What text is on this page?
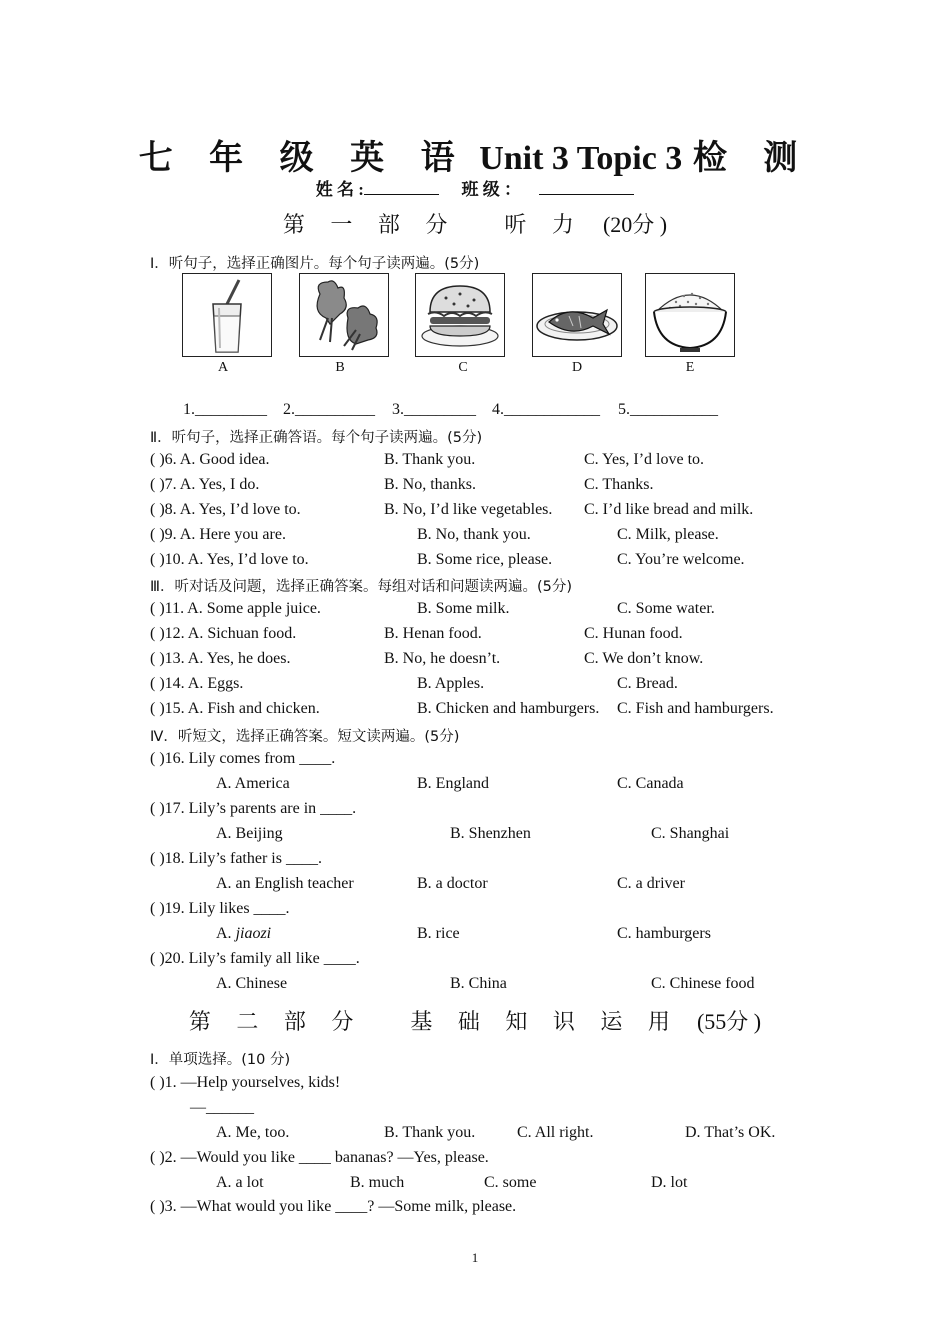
七 年 级 英 语 Unit 3 Topic 3 检 测
姓 名 :	班 级 ：
第 一 部 分 听 力 (20分 )
Ⅰ．听句子，选择正确图片。每个句子读两遍。(5分)
A	B	C	D	E
1._________ 2.__________ 3._________ 4.____________ 5.___________
Ⅱ．听句子，选择正确答语。每个句子读两遍。(5分)
( )6. A. Good idea.	B. Thank you.	C. Yes, I’d love to.
( )7. A. Yes, I do.	B. No, thanks.	C. Thanks.
( )8. A. Yes, I’d love to.	B. No, I’d like vegetables. C. I’d like bread and milk.
( )9. A. Here you are.	B. No, thank you.	C. Milk, please.
( )10. A. Yes, I’d love to.	B. Some rice, please.	C. You’re welcome.
Ⅲ．听对话及问题，选择正确答案。每组对话和问题读两遍。(5分)
( )11. A. Some apple juice.	B. Some milk.	C. Some water.
( )12. A. Sichuan food.	B. Henan food.	C. Hunan food.
( )13. A. Yes, he does.	B. No, he doesn’t.	C. We don’t know.
( )14. A. Eggs.	B. Apples.	C. Bread.
( )15. A. Fish and chicken.	B. Chicken and hamburgers. C. Fish and hamburgers.
Ⅳ．听短文，选择正确答案。短文读两遍。(5分)
( )16. Lily comes from ____.
A. America	B. England	C. Canada
( )17. Lily’s parents are in ____.
A. Beijing	B. Shenzhen	C. Shanghai
( )18. Lily’s father is ____.
A. an English teacher	B. a doctor	C. a driver
( )19. Lily likes ____.
A. jiaozi	B. rice	C. hamburgers
( )20. Lily’s family all like ____.
A. Chinese	B. China	C. Chinese food
第 二 部 分 基 础 知 识 运 用 (55分 )
Ⅰ．单项选择。(10 分)
( )1. —Help yourselves, kids!
—______
A. Me, too.	B. Thank you.	C. All right.	D. That’s OK.
( )2. —Would you like ____ bananas? —Yes, please.
A. a lot	B. much	C. some	D. lot
( )3. —What would you like ____? —Some milk, please.
1
